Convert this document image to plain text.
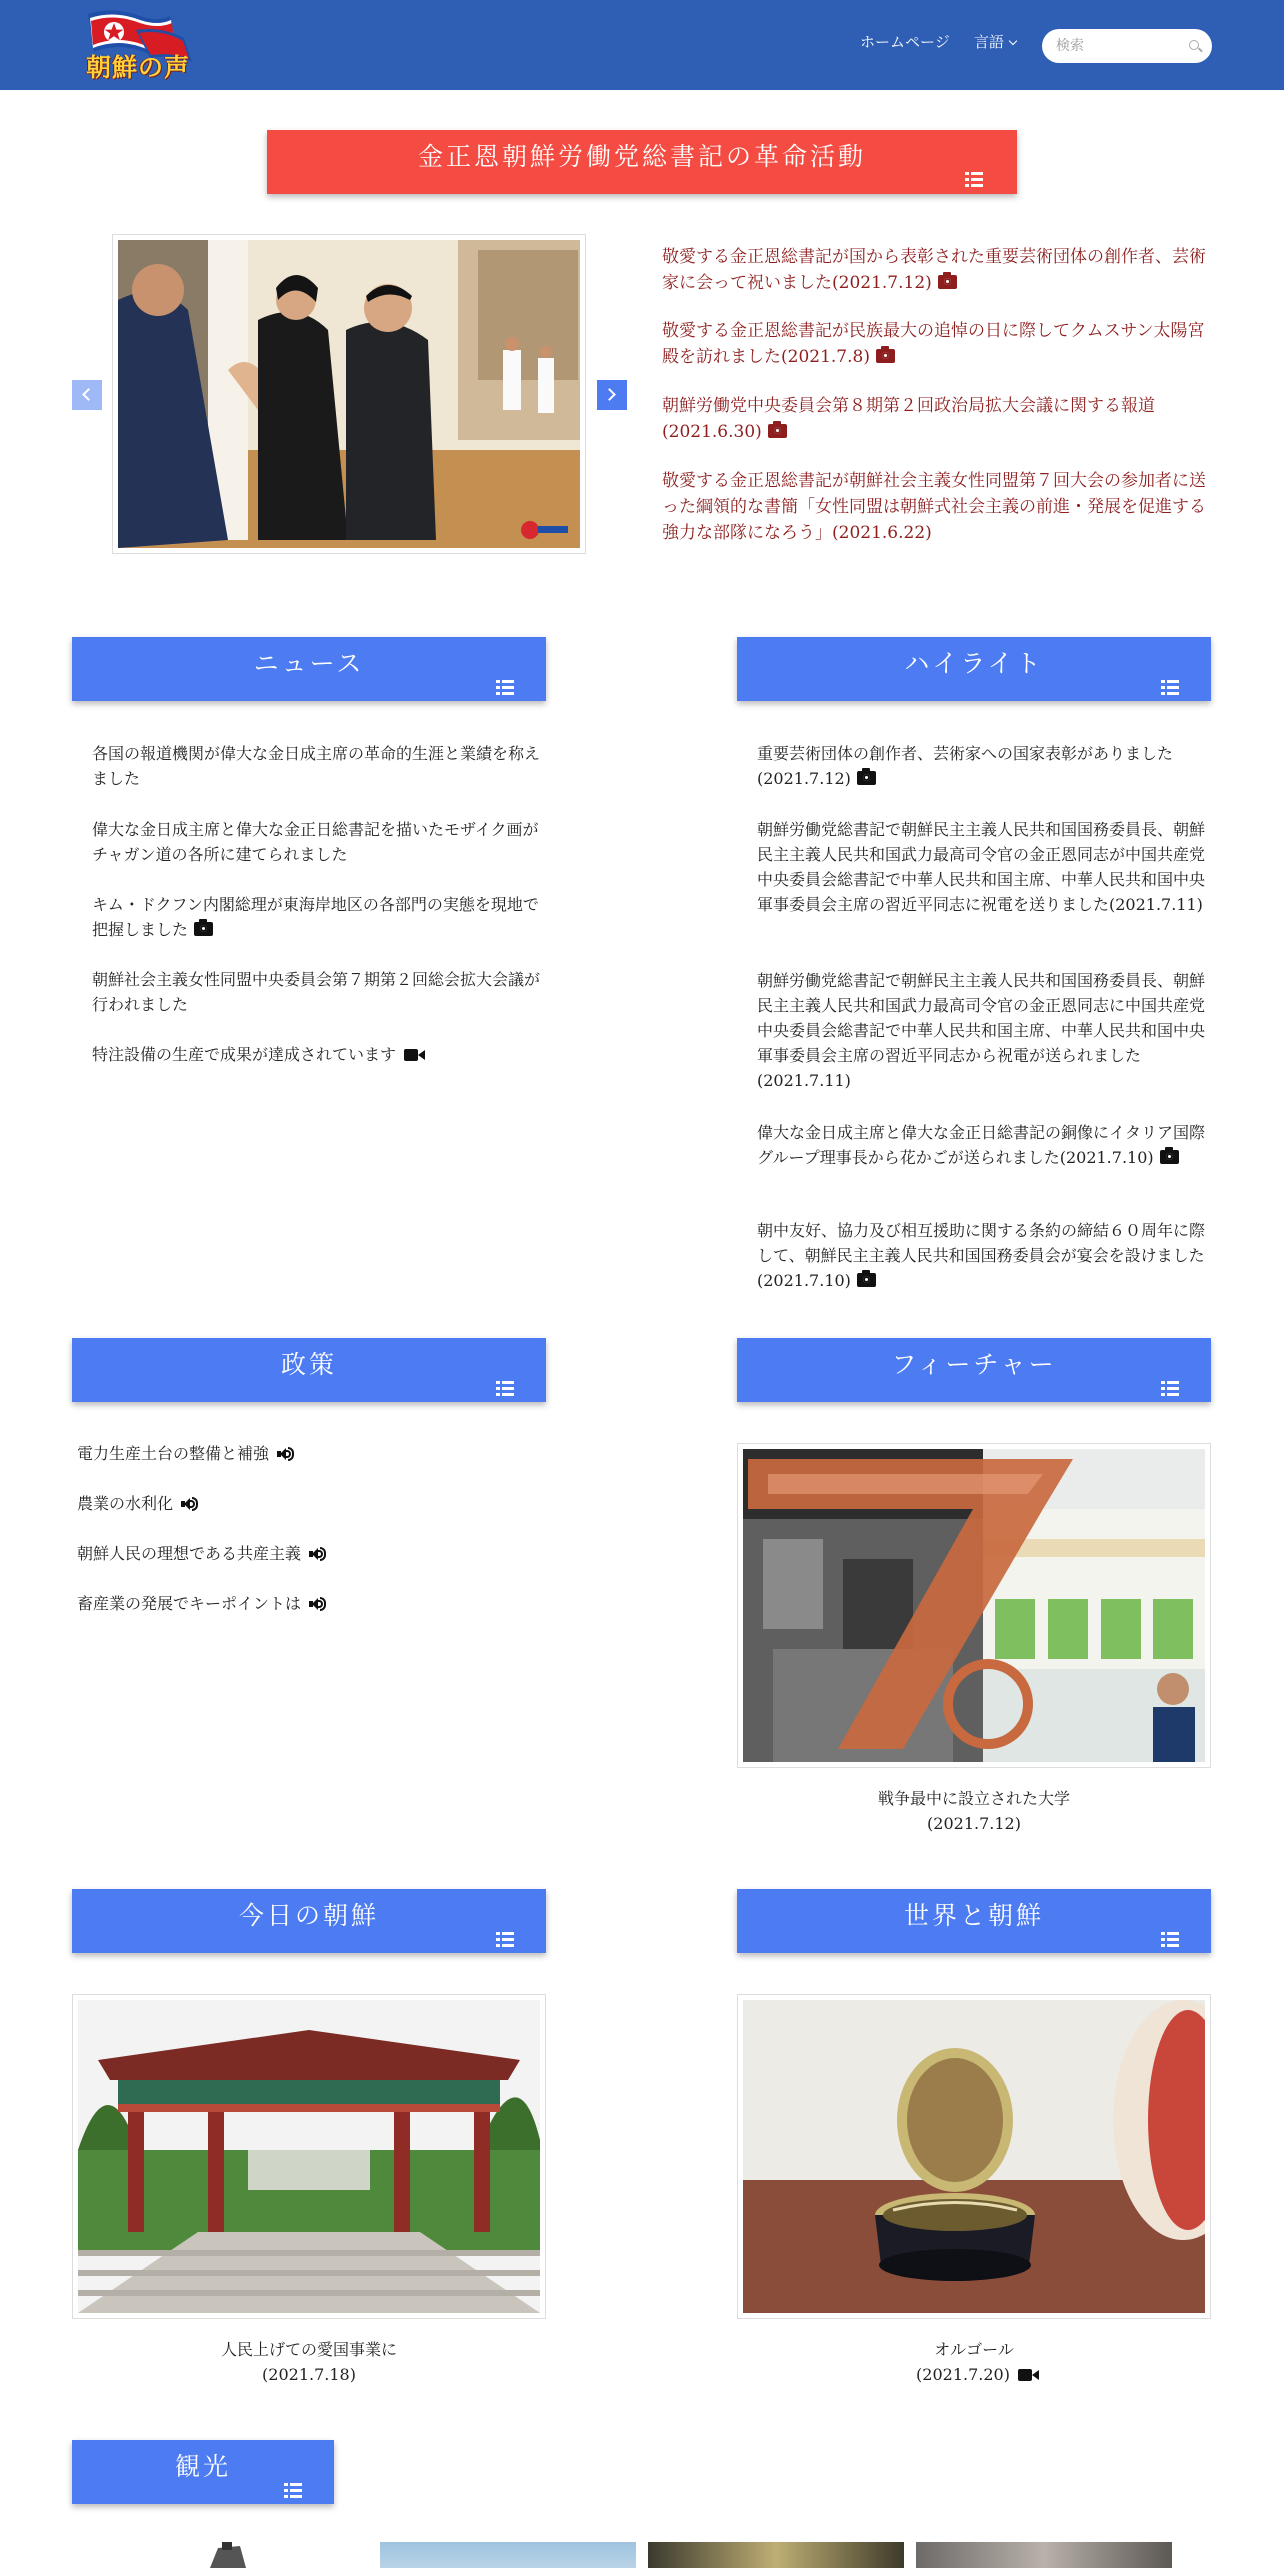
朝鮮の声
ホームページ 言語
検索
金正恩朝鮮労働党総書記の革命活動
敬愛する金正恩総書記が国から表彰された重要芸術団体の創作者、芸術家に会って祝いました(2021.7.12)
敬愛する金正恩総書記が民族最大の追悼の日に際してクムスサン太陽宮殿を訪れました(2021.7.8)
朝鮮労働党中央委員会第８期第２回政治局拡大会議に関する報道(2021.6.30)
敬愛する金正恩総書記が朝鮮社会主義女性同盟第７回大会の参加者に送った綱領的な書簡「女性同盟は朝鮮式社会主義の前進・発展を促進する強力な部隊になろう」(2021.6.22)
ニュース
各国の報道機関が偉大な金日成主席の革命的生涯と業績を称えました
偉大な金日成主席と偉大な金正日総書記を描いたモザイク画がチャガン道の各所に建てられました
キム・ドクフン内閣総理が東海岸地区の各部門の実態を現地で把握しました
朝鮮社会主義女性同盟中央委員会第７期第２回総会拡大会議が行われました
特注設備の生産で成果が達成されています
ハイライト
重要芸術団体の創作者、芸術家への国家表彰がありました(2021.7.12)
朝鮮労働党総書記で朝鮮民主主義人民共和国国務委員長、朝鮮民主主義人民共和国武力最高司令官の金正恩同志が中国共産党中央委員会総書記で中華人民共和国主席、中華人民共和国中央軍事委員会主席の習近平同志に祝電を送りました(2021.7.11)
朝鮮労働党総書記で朝鮮民主主義人民共和国国務委員長、朝鮮民主主義人民共和国武力最高司令官の金正恩同志に中国共産党中央委員会総書記で中華人民共和国主席、中華人民共和国中央軍事委員会主席の習近平同志から祝電が送られました(2021.7.11)
偉大な金日成主席と偉大な金正日総書記の銅像にイタリア国際グループ理事長から花かごが送られました(2021.7.10)
朝中友好、協力及び相互援助に関する条約の締結６０周年に際して、朝鮮民主主義人民共和国国務委員会が宴会を設けました(2021.7.10)
政策
電力生産土台の整備と補強
農業の水利化
朝鮮人民の理想である共産主義
畜産業の発展でキーポイントは
フィーチャー
戦争最中に設立された大学
(2021.7.12)
今日の朝鮮
人民上げての愛国事業に
(2021.7.18)
世界と朝鮮
オルゴール
(2021.7.20)
観光
